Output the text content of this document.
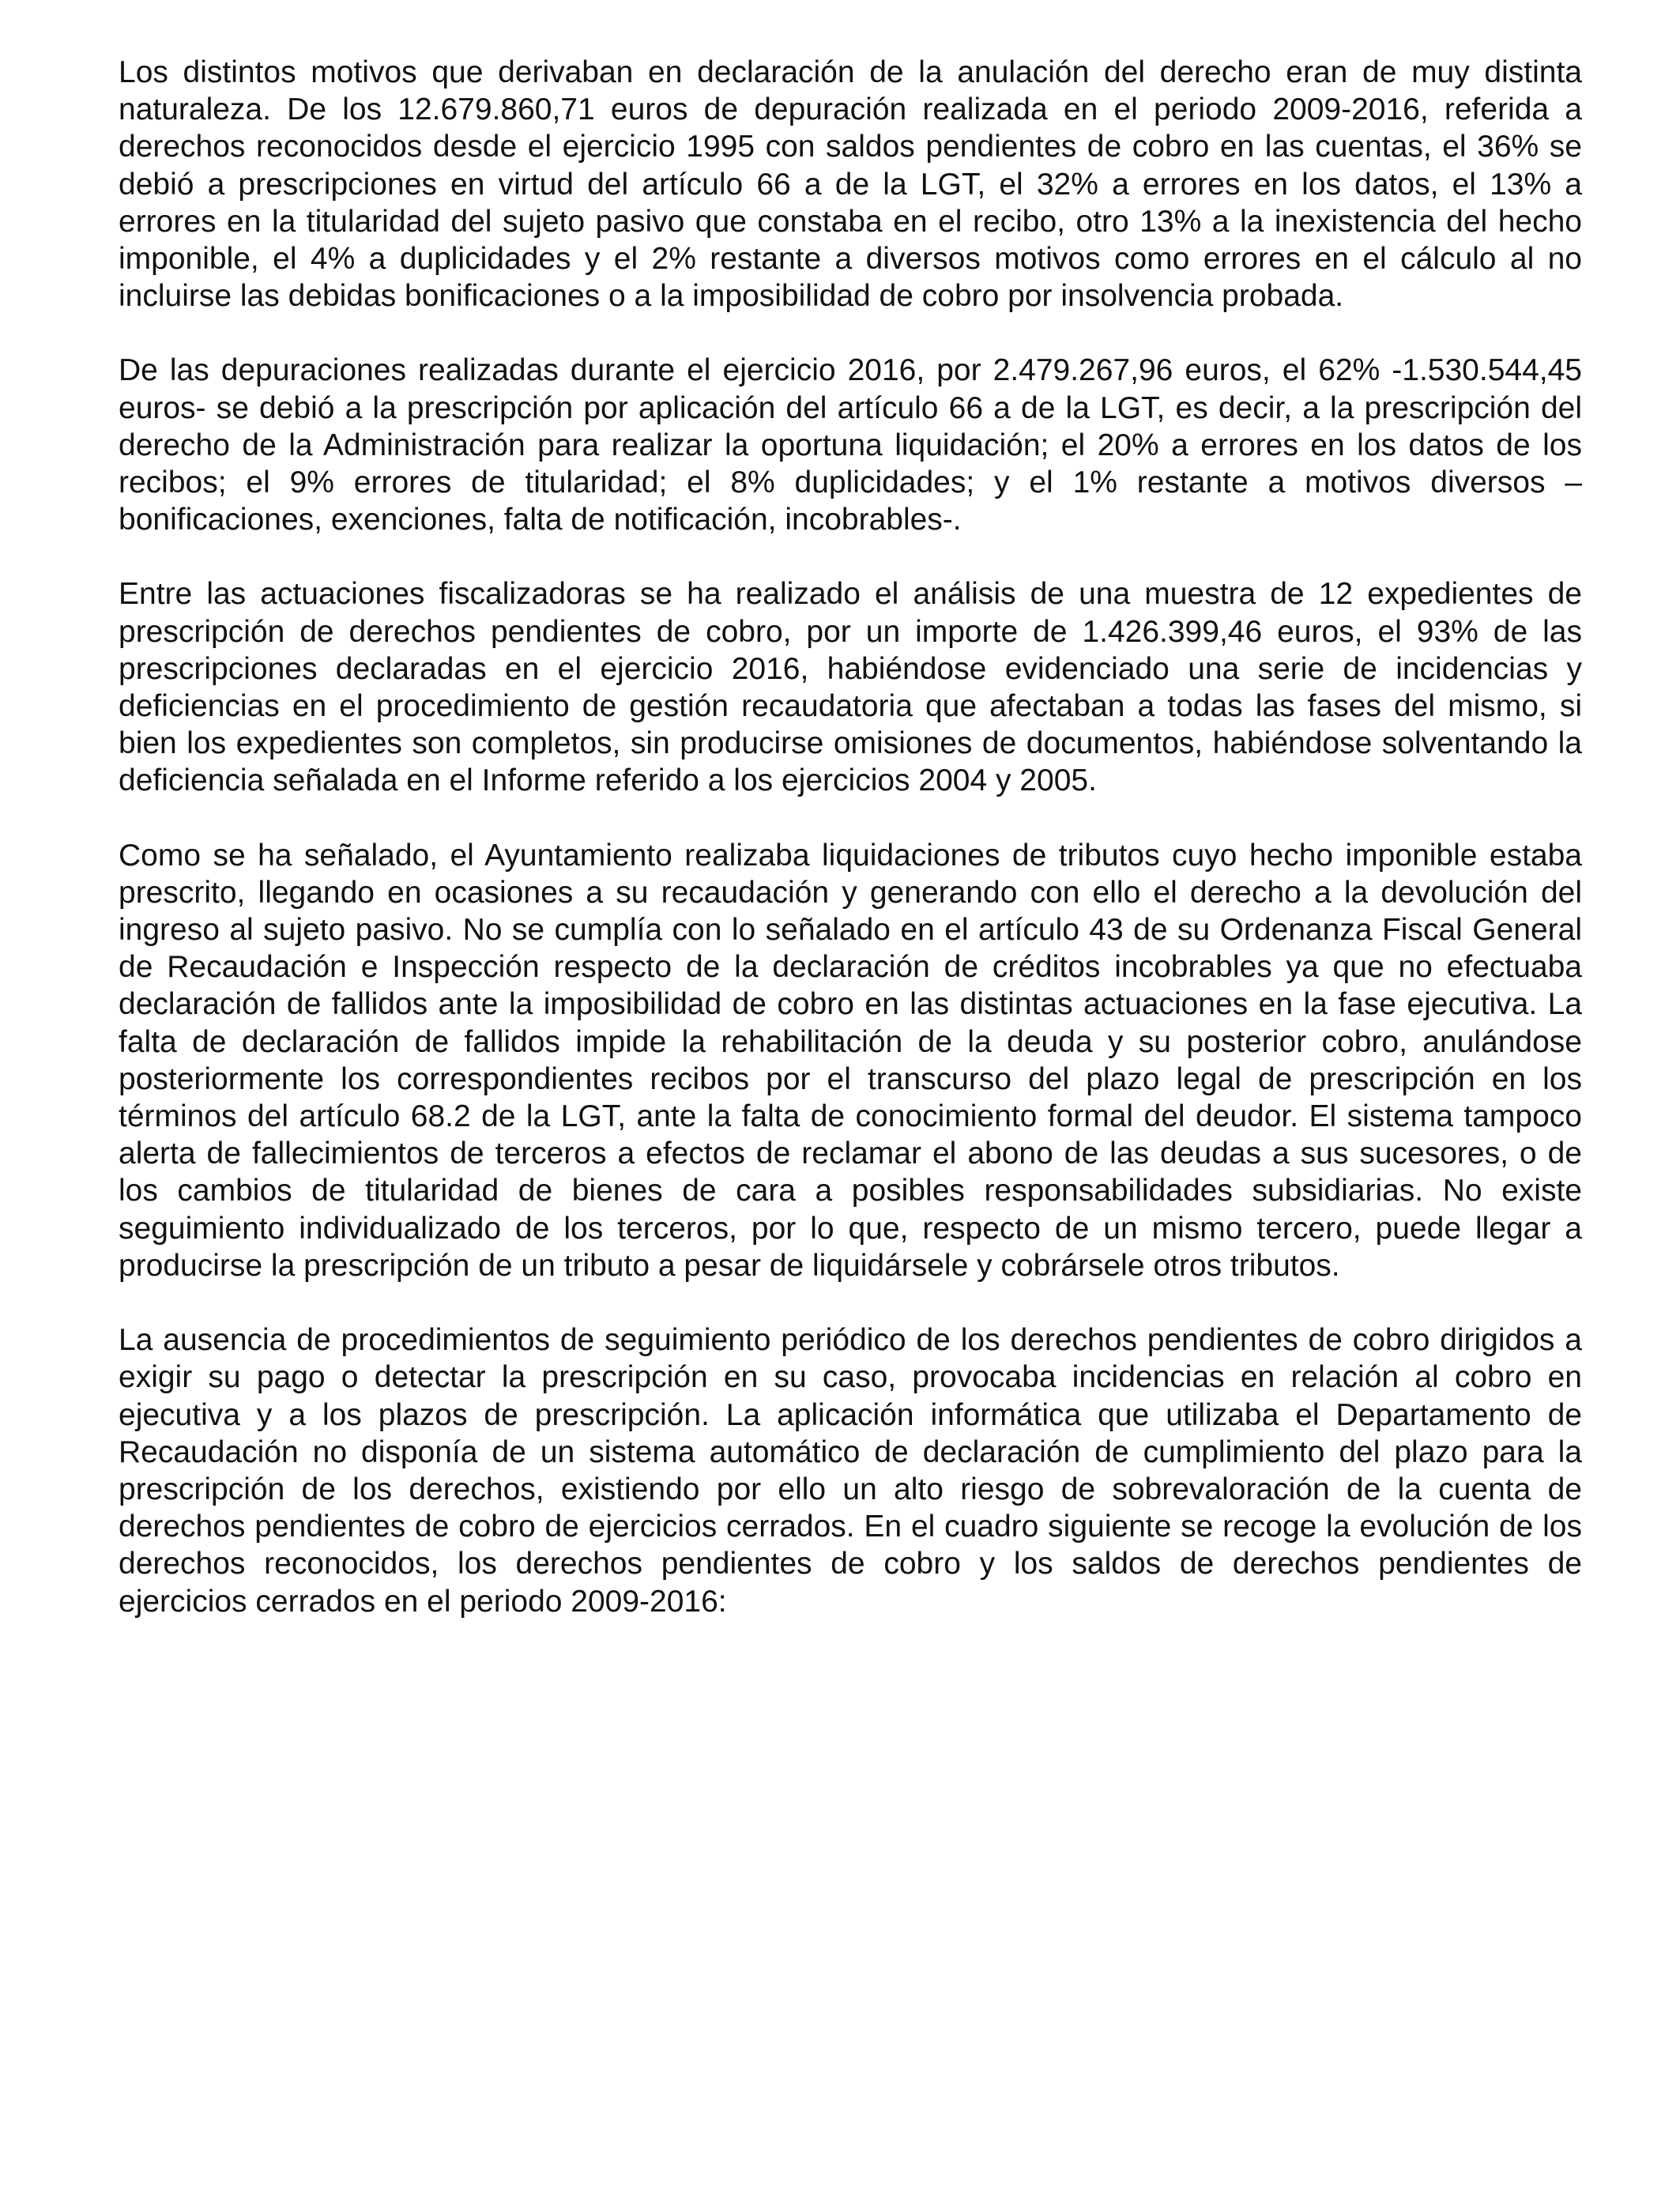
Los distintos motivos que derivaban en declaración de la anulación del derecho eran de muy distinta naturaleza. De los 12.679.860,71 euros de depuración realizada en el periodo 2009-2016, referida a derechos reconocidos desde el ejercicio 1995 con saldos pendientes de cobro en las cuentas, el 36% se debió a prescripciones en virtud del artículo 66 a de la LGT, el 32% a errores en los datos, el 13% a errores en la titularidad del sujeto pasivo que constaba en el recibo, otro 13% a la inexistencia del hecho imponible, el 4% a duplicidades y el 2% restante a diversos motivos como errores en el cálculo al no incluirse las debidas bonificaciones o a la imposibilidad de cobro por insolvencia probada.

De las depuraciones realizadas durante el ejercicio 2016, por 2.479.267,96 euros, el 62% -1.530.544,45 euros- se debió a la prescripción por aplicación del artículo 66 a de la LGT, es decir, a la prescripción del derecho de la Administración para realizar la oportuna liquidación; el 20% a errores en los datos de los recibos; el 9% errores de titularidad; el 8% duplicidades; y el 1% restante a motivos diversos –bonificaciones, exenciones, falta de notificación, incobrables-.

Entre las actuaciones fiscalizadoras se ha realizado el análisis de una muestra de 12 expedientes de prescripción de derechos pendientes de cobro, por un importe de 1.426.399,46 euros, el 93% de las prescripciones declaradas en el ejercicio 2016, habiéndose evidenciado una serie de incidencias y deficiencias en el procedimiento de gestión recaudatoria que afectaban a todas las fases del mismo, si bien los expedientes son completos, sin producirse omisiones de documentos, habiéndose solventando la deficiencia señalada en el Informe referido a los ejercicios 2004 y 2005.

Como se ha señalado, el Ayuntamiento realizaba liquidaciones de tributos cuyo hecho imponible estaba prescrito, llegando en ocasiones a su recaudación y generando con ello el derecho a la devolución del ingreso al sujeto pasivo. No se cumplía con lo señalado en el artículo 43 de su Ordenanza Fiscal General de Recaudación e Inspección respecto de la declaración de créditos incobrables ya que no efectuaba declaración de fallidos ante la imposibilidad de cobro en las distintas actuaciones en la fase ejecutiva. La falta de declaración de fallidos impide la rehabilitación de la deuda y su posterior cobro, anulándose posteriormente los correspondientes recibos por el transcurso del plazo legal de prescripción en los términos del artículo 68.2 de la LGT, ante la falta de conocimiento formal del deudor. El sistema tampoco alerta de fallecimientos de terceros a efectos de reclamar el abono de las deudas a sus sucesores, o de los cambios de titularidad de bienes de cara a posibles responsabilidades subsidiarias. No existe seguimiento individualizado de los terceros, por lo que, respecto de un mismo tercero, puede llegar a producirse la prescripción de un tributo a pesar de liquidársele y cobrársele otros tributos.

La ausencia de procedimientos de seguimiento periódico de los derechos pendientes de cobro dirigidos a exigir su pago o detectar la prescripción en su caso, provocaba incidencias en relación al cobro en ejecutiva y a los plazos de prescripción. La aplicación informática que utilizaba el Departamento de Recaudación no disponía de un sistema automático de declaración de cumplimiento del plazo para la prescripción de los derechos, existiendo por ello un alto riesgo de sobrevaloración de la cuenta de derechos pendientes de cobro de ejercicios cerrados. En el cuadro siguiente se recoge la evolución de los derechos reconocidos, los derechos pendientes de cobro y los saldos de derechos pendientes de ejercicios cerrados en el periodo 2009-2016:
